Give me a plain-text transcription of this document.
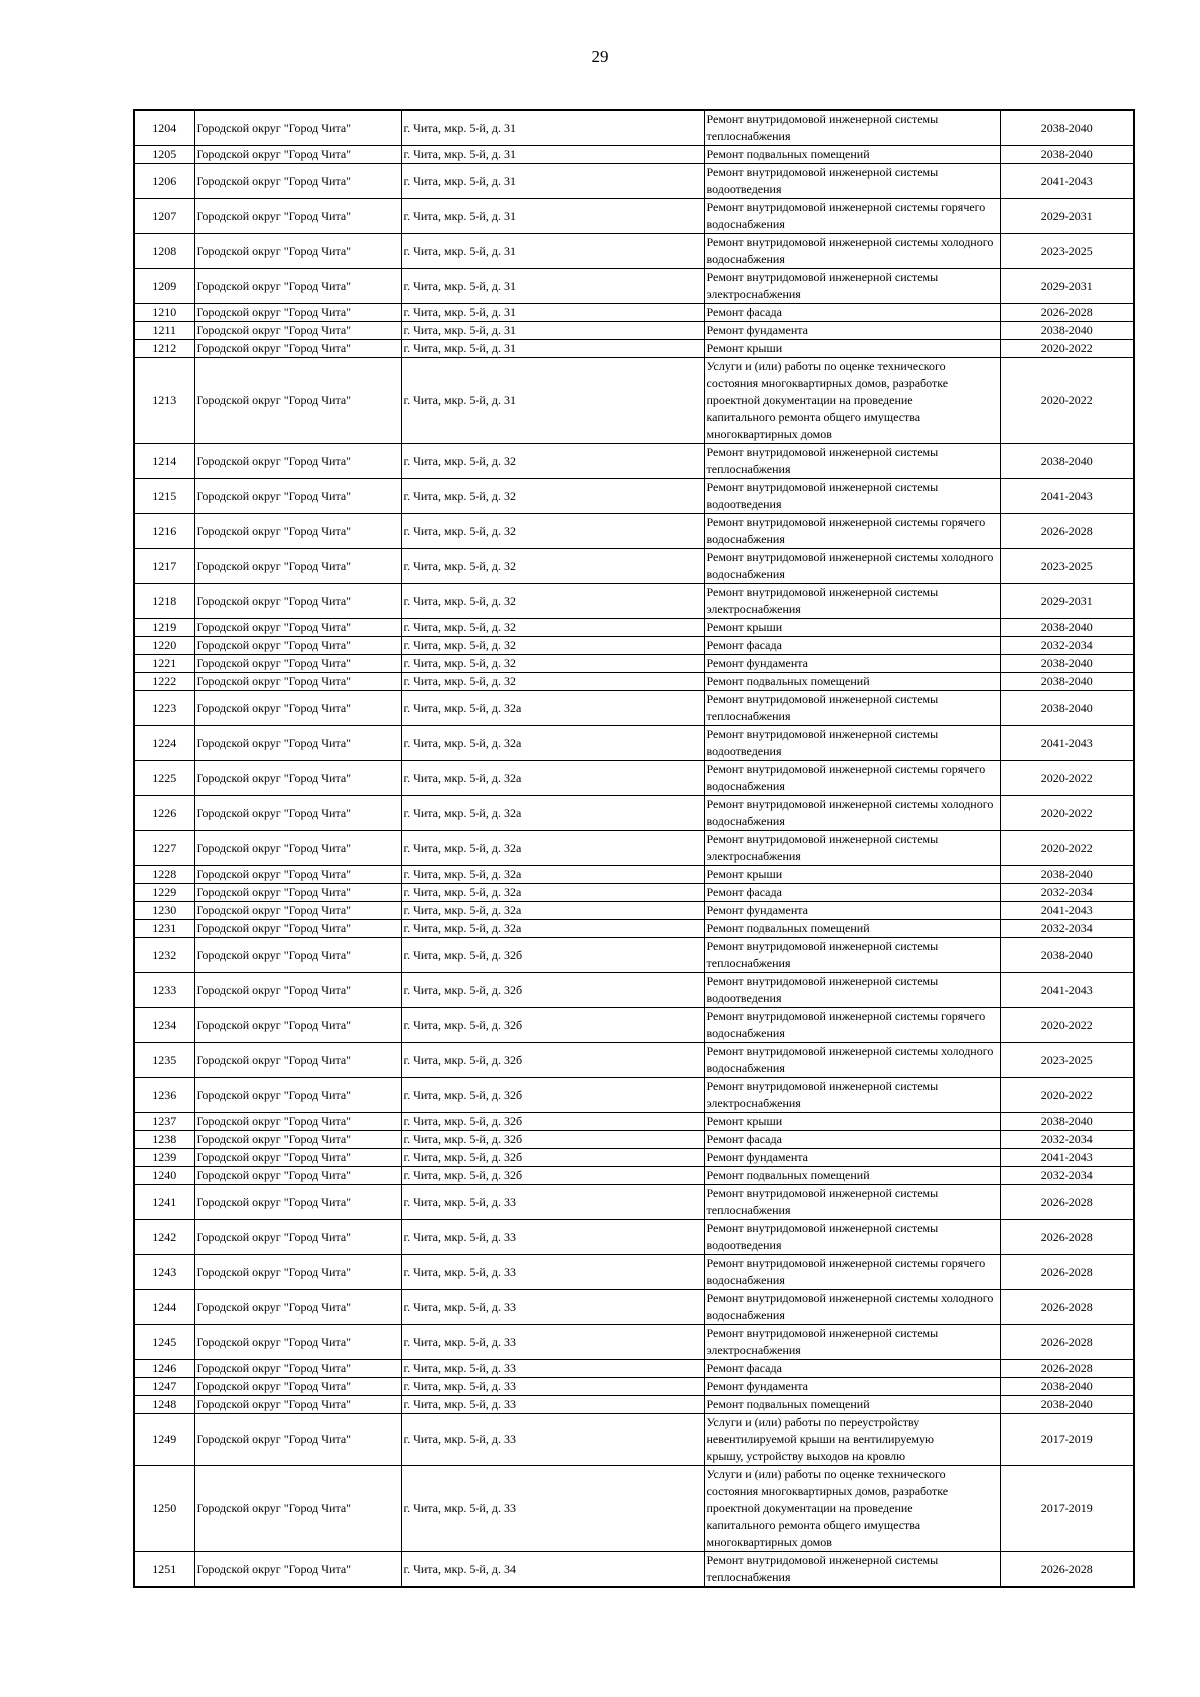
29
1204	Городской округ "Город Чита"	г. Чита, мкр. 5-й, д. 31	Ремонт внутридомовой инженерной системы теплоснабжения	2038-2040
1205	Городской округ "Город Чита"	г. Чита, мкр. 5-й, д. 31	Ремонт подвальных помещений	2038-2040
1206	Городской округ "Город Чита"	г. Чита, мкр. 5-й, д. 31	Ремонт внутридомовой инженерной системы водоотведения	2041-2043
1207	Городской округ "Город Чита"	г. Чита, мкр. 5-й, д. 31	Ремонт внутридомовой инженерной системы горячего водоснабжения	2029-2031
1208	Городской округ "Город Чита"	г. Чита, мкр. 5-й, д. 31	Ремонт внутридомовой инженерной системы холодного водоснабжения	2023-2025
1209	Городской округ "Город Чита"	г. Чита, мкр. 5-й, д. 31	Ремонт внутридомовой инженерной системы электроснабжения	2029-2031
1210	Городской округ "Город Чита"	г. Чита, мкр. 5-й, д. 31	Ремонт фасада	2026-2028
1211	Городской округ "Город Чита"	г. Чита, мкр. 5-й, д. 31	Ремонт фундамента	2038-2040
1212	Городской округ "Город Чита"	г. Чита, мкр. 5-й, д. 31	Ремонт крыши	2020-2022
1213	Городской округ "Город Чита"	г. Чита, мкр. 5-й, д. 31	Услуги и (или) работы по оценке технического
состояния многоквартирных домов, разработке
проектной документации на проведение
капитального ремонта общего имущества
многоквартирных домов	2020-2022
1214	Городской округ "Город Чита"	г. Чита, мкр. 5-й, д. 32	Ремонт внутридомовой инженерной системы теплоснабжения	2038-2040
1215	Городской округ "Город Чита"	г. Чита, мкр. 5-й, д. 32	Ремонт внутридомовой инженерной системы водоотведения	2041-2043
1216	Городской округ "Город Чита"	г. Чита, мкр. 5-й, д. 32	Ремонт внутридомовой инженерной системы горячего водоснабжения	2026-2028
1217	Городской округ "Город Чита"	г. Чита, мкр. 5-й, д. 32	Ремонт внутридомовой инженерной системы холодного водоснабжения	2023-2025
1218	Городской округ "Город Чита"	г. Чита, мкр. 5-й, д. 32	Ремонт внутридомовой инженерной системы электроснабжения	2029-2031
1219	Городской округ "Город Чита"	г. Чита, мкр. 5-й, д. 32	Ремонт крыши	2038-2040
1220	Городской округ "Город Чита"	г. Чита, мкр. 5-й, д. 32	Ремонт фасада	2032-2034
1221	Городской округ "Город Чита"	г. Чита, мкр. 5-й, д. 32	Ремонт фундамента	2038-2040
1222	Городской округ "Город Чита"	г. Чита, мкр. 5-й, д. 32	Ремонт подвальных помещений	2038-2040
1223	Городской округ "Город Чита"	г. Чита, мкр. 5-й, д. 32а	Ремонт внутридомовой инженерной системы теплоснабжения	2038-2040
1224	Городской округ "Город Чита"	г. Чита, мкр. 5-й, д. 32а	Ремонт внутридомовой инженерной системы водоотведения	2041-2043
1225	Городской округ "Город Чита"	г. Чита, мкр. 5-й, д. 32а	Ремонт внутридомовой инженерной системы горячего водоснабжения	2020-2022
1226	Городской округ "Город Чита"	г. Чита, мкр. 5-й, д. 32а	Ремонт внутридомовой инженерной системы холодного водоснабжения	2020-2022
1227	Городской округ "Город Чита"	г. Чита, мкр. 5-й, д. 32а	Ремонт внутридомовой инженерной системы электроснабжения	2020-2022
1228	Городской округ "Город Чита"	г. Чита, мкр. 5-й, д. 32а	Ремонт крыши	2038-2040
1229	Городской округ "Город Чита"	г. Чита, мкр. 5-й, д. 32а	Ремонт фасада	2032-2034
1230	Городской округ "Город Чита"	г. Чита, мкр. 5-й, д. 32а	Ремонт фундамента	2041-2043
1231	Городской округ "Город Чита"	г. Чита, мкр. 5-й, д. 32а	Ремонт подвальных помещений	2032-2034
1232	Городской округ "Город Чита"	г. Чита, мкр. 5-й, д. 32б	Ремонт внутридомовой инженерной системы теплоснабжения	2038-2040
1233	Городской округ "Город Чита"	г. Чита, мкр. 5-й, д. 32б	Ремонт внутридомовой инженерной системы водоотведения	2041-2043
1234	Городской округ "Город Чита"	г. Чита, мкр. 5-й, д. 32б	Ремонт внутридомовой инженерной системы горячего водоснабжения	2020-2022
1235	Городской округ "Город Чита"	г. Чита, мкр. 5-й, д. 32б	Ремонт внутридомовой инженерной системы холодного водоснабжения	2023-2025
1236	Городской округ "Город Чита"	г. Чита, мкр. 5-й, д. 32б	Ремонт внутридомовой инженерной системы электроснабжения	2020-2022
1237	Городской округ "Город Чита"	г. Чита, мкр. 5-й, д. 32б	Ремонт крыши	2038-2040
1238	Городской округ "Город Чита"	г. Чита, мкр. 5-й, д. 32б	Ремонт фасада	2032-2034
1239	Городской округ "Город Чита"	г. Чита, мкр. 5-й, д. 32б	Ремонт фундамента	2041-2043
1240	Городской округ "Город Чита"	г. Чита, мкр. 5-й, д. 32б	Ремонт подвальных помещений	2032-2034
1241	Городской округ "Город Чита"	г. Чита, мкр. 5-й, д. 33	Ремонт внутридомовой инженерной системы теплоснабжения	2026-2028
1242	Городской округ "Город Чита"	г. Чита, мкр. 5-й, д. 33	Ремонт внутридомовой инженерной системы водоотведения	2026-2028
1243	Городской округ "Город Чита"	г. Чита, мкр. 5-й, д. 33	Ремонт внутридомовой инженерной системы горячего водоснабжения	2026-2028
1244	Городской округ "Город Чита"	г. Чита, мкр. 5-й, д. 33	Ремонт внутридомовой инженерной системы холодного водоснабжения	2026-2028
1245	Городской округ "Город Чита"	г. Чита, мкр. 5-й, д. 33	Ремонт внутридомовой инженерной системы электроснабжения	2026-2028
1246	Городской округ "Город Чита"	г. Чита, мкр. 5-й, д. 33	Ремонт фасада	2026-2028
1247	Городской округ "Город Чита"	г. Чита, мкр. 5-й, д. 33	Ремонт фундамента	2038-2040
1248	Городской округ "Город Чита"	г. Чита, мкр. 5-й, д. 33	Ремонт подвальных помещений	2038-2040
1249	Городской округ "Город Чита"	г. Чита, мкр. 5-й, д. 33	Услуги и (или) работы по переустройству
невентилируемой крыши на вентилируемую
крышу, устройству выходов на кровлю	2017-2019
1250	Городской округ "Город Чита"	г. Чита, мкр. 5-й, д. 33	Услуги и (или) работы по оценке технического
состояния многоквартирных домов, разработке
проектной документации на проведение
капитального ремонта общего имущества
многоквартирных домов	2017-2019
1251	Городской округ "Город Чита"	г. Чита, мкр. 5-й, д. 34	Ремонт внутридомовой инженерной системы теплоснабжения	2026-2028
